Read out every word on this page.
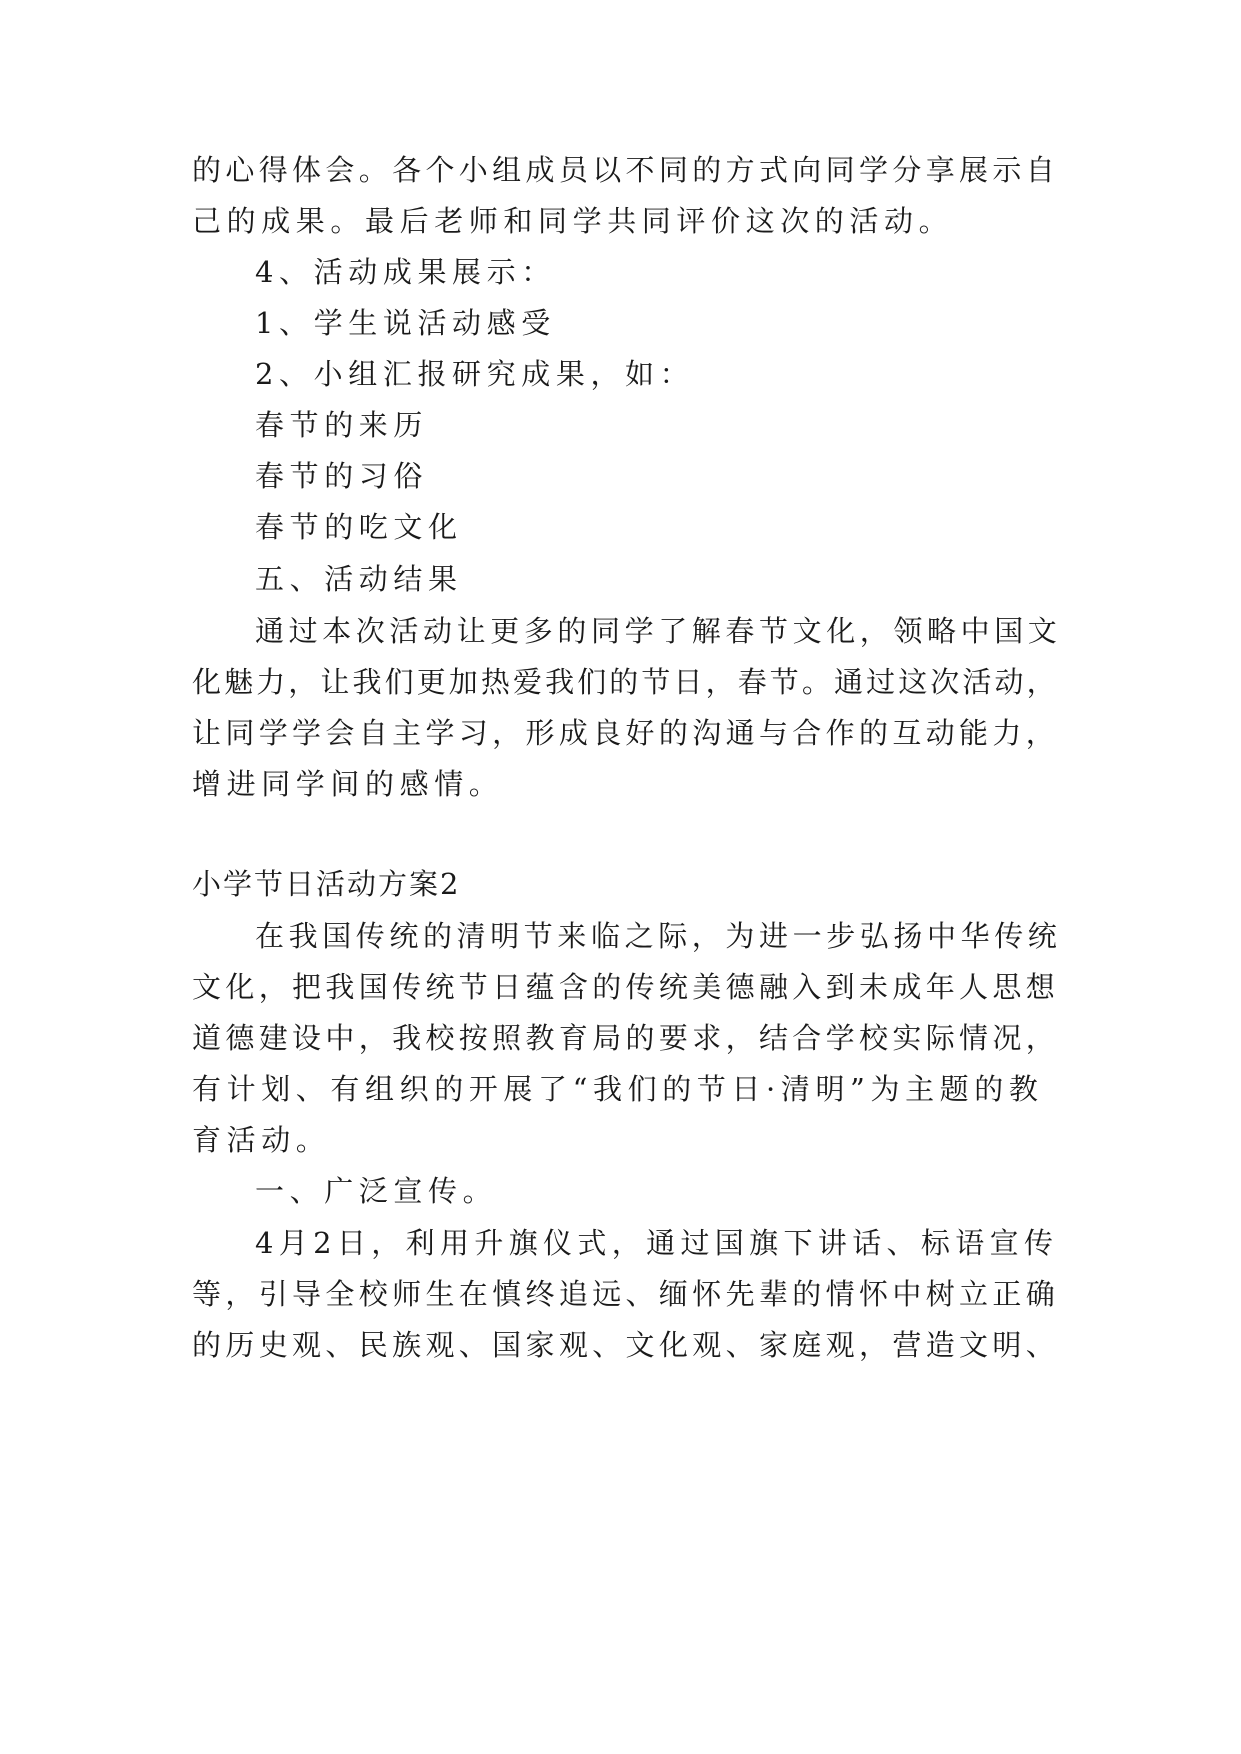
的心得体会。各个小组成员以不同的方式向同学分享展示自

己的成果。最后老师和同学共同评价这次的活动。

4、活动成果展示：

1、学生说活动感受

2、小组汇报研究成果，如：

春节的来历

春节的习俗

春节的吃文化

五、活动结果

通过本次活动让更多的同学了解春节文化，领略中国文

化魅力，让我们更加热爱我们的节日，春节。通过这次活动，

让同学学会自主学习，形成良好的沟通与合作的互动能力，

增进同学间的感情。

小学节日活动方案2

在我国传统的清明节来临之际，为进一步弘扬中华传统

文化，把我国传统节日蕴含的传统美德融入到未成年人思想

道德建设中，我校按照教育局的要求，结合学校实际情况，

有计划、有组织的开展了“我们的节日·清明”为主题的教

育活动。

一、广泛宣传。

4月2日，利用升旗仪式，通过国旗下讲话、标语宣传

等，引导全校师生在慎终追远、缅怀先辈的情怀中树立正确

的历史观、民族观、国家观、文化观、家庭观，营造文明、
